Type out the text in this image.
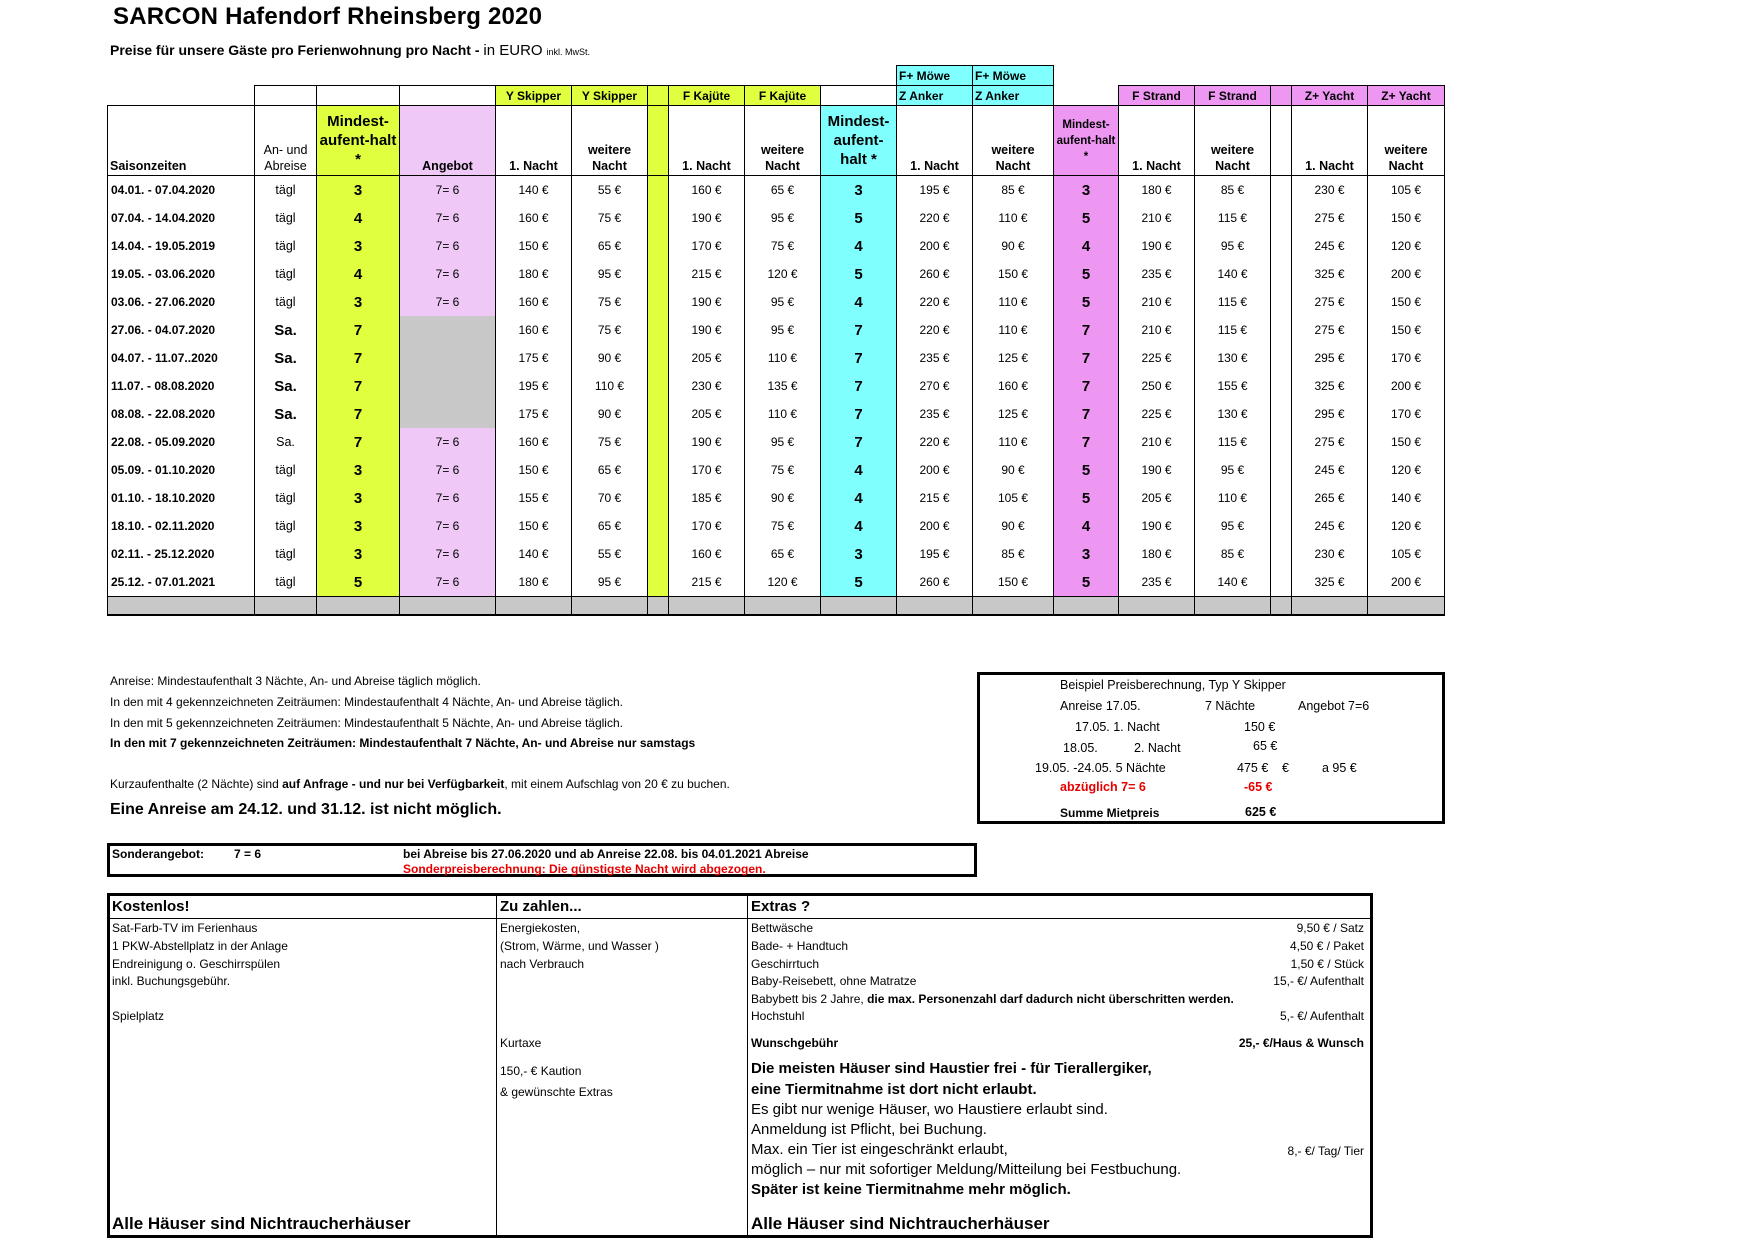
SARCON Hafendorf Rheinsberg 2020
Preise für unsere Gäste pro Ferienwohnung pro Nacht - in EURO inkl. MwSt.
										F+ Möwe	F+ Möwe						
				Y Skipper	Y Skipper		F Kajüte	F Kajüte		Z Anker	Z Anker		F Strand	F Strand		Z+ Yacht	Z+ Yacht
Saisonzeiten	An- und Abreise	Mindest-aufent-halt *	Angebot	1. Nacht	weitere Nacht		1. Nacht	weitere Nacht	Mindest-aufent-halt *	1. Nacht	weitere Nacht	Mindest-aufent-halt *	1. Nacht	weitere Nacht		1. Nacht	weitere Nacht
04.01. - 07.04.2020	tägl	3	7= 6	140 €	55 €		160 €	65 €	3	195 €	85 €	3	180 €	85 €		230 €	105 €
07.04. - 14.04.2020	tägl	4	7= 6	160 €	75 €		190 €	95 €	5	220 €	110 €	5	210 €	115 €		275 €	150 €
14.04. - 19.05.2019	tägl	3	7= 6	150 €	65 €		170 €	75 €	4	200 €	90 €	4	190 €	95 €		245 €	120 €
19.05. - 03.06.2020	tägl	4	7= 6	180 €	95 €		215 €	120 €	5	260 €	150 €	5	235 €	140 €		325 €	200 €
03.06. - 27.06.2020	tägl	3	7= 6	160 €	75 €		190 €	95 €	4	220 €	110 €	5	210 €	115 €		275 €	150 €
27.06. - 04.07.2020	Sa.	7		160 €	75 €		190 €	95 €	7	220 €	110 €	7	210 €	115 €		275 €	150 €
04.07. - 11.07..2020	Sa.	7		175 €	90 €		205 €	110 €	7	235 €	125 €	7	225 €	130 €		295 €	170 €
11.07. - 08.08.2020	Sa.	7		195 €	110 €		230 €	135 €	7	270 €	160 €	7	250 €	155 €		325 €	200 €
08.08. - 22.08.2020	Sa.	7		175 €	90 €		205 €	110 €	7	235 €	125 €	7	225 €	130 €		295 €	170 €
22.08. - 05.09.2020	Sa.	7	7= 6	160 €	75 €		190 €	95 €	7	220 €	110 €	7	210 €	115 €		275 €	150 €
05.09. - 01.10.2020	tägl	3	7= 6	150 €	65 €		170 €	75 €	4	200 €	90 €	5	190 €	95 €		245 €	120 €
01.10. - 18.10.2020	tägl	3	7= 6	155 €	70 €		185 €	90 €	4	215 €	105 €	5	205 €	110 €		265 €	140 €
18.10. - 02.11.2020	tägl	3	7= 6	150 €	65 €		170 €	75 €	4	200 €	90 €	4	190 €	95 €		245 €	120 €
02.11. - 25.12.2020	tägl	3	7= 6	140 €	55 €		160 €	65 €	3	195 €	85 €	3	180 €	85 €		230 €	105 €
25.12. - 07.01.2021	tägl	5	7= 6	180 €	95 €		215 €	120 €	5	260 €	150 €	5	235 €	140 €		325 €	200 €

Anreise: Mindestaufenthalt 3 Nächte, An- und Abreise täglich möglich.
In den mit 4 gekennzeichneten Zeiträumen: Mindestaufenthalt 4 Nächte, An- und Abreise täglich.
In den mit 5 gekennzeichneten Zeiträumen: Mindestaufenthalt 5 Nächte, An- und Abreise täglich.
In den mit 7 gekennzeichneten Zeiträumen: Mindestaufenthalt 7 Nächte, An- und Abreise nur samstags
Kurzaufenthalte (2 Nächte) sind auf Anfrage - und nur bei Verfügbarkeit, mit einem Aufschlag von 20 € zu buchen.
Eine Anreise am 24.12. und 31.12. ist nicht möglich.
Beispiel Preisberechnung, Typ Y Skipper
Anreise 17.05.	7 Nächte	Angebot 7=6
17.05. 1. Nacht	150 €
18.05.	2. Nacht	65 €
19.05. -24.05. 5 Nächte	475 € €	a 95 €
abzüglich 7= 6	-65 €
Summe Mietpreis	625 €
Sonderangebot:	7 = 6	bei Abreise bis 27.06.2020 und ab Anreise 22.08. bis 04.01.2021 Abreise
Sonderpreisberechnung: Die günstigste Nacht wird abgezogen.
Kostenlos!	Zu zahlen...	Extras ?
Sat-Farb-TV im Ferienhaus
1 PKW-Abstellplatz in der Anlage
Endreinigung o. Geschirrspülen
inkl. Buchungsgebühr.
Spielplatz
Energiekosten,
(Strom, Wärme, und Wasser )
nach Verbrauch
Kurtaxe
150,- € Kaution
& gewünschte Extras
Bettwäsche	9,50 € / Satz
Bade- + Handtuch	4,50 € / Paket
Geschirrtuch	1,50 € / Stück
Baby-Reisebett, ohne Matratze	15,- €/ Aufenthalt
Babybett bis 2 Jahre, die max. Personenzahl darf dadurch nicht überschritten werden.
Hochstuhl	5,- €/ Aufenthalt
Wunschgebühr	25,- €/Haus & Wunsch
Die meisten Häuser sind Haustier frei - für Tierallergiker,
eine Tiermitnahme ist dort nicht erlaubt.
Es gibt nur wenige Häuser, wo Haustiere erlaubt sind.
Anmeldung ist Pflicht, bei Buchung.
Max. ein Tier ist eingeschränkt erlaubt,	8,- €/ Tag/ Tier
möglich – nur mit sofortiger Meldung/Mitteilung bei Festbuchung.
Später ist keine Tiermitnahme mehr möglich.
Alle Häuser sind Nichtraucherhäuser	Alle Häuser sind Nichtraucherhäuser
